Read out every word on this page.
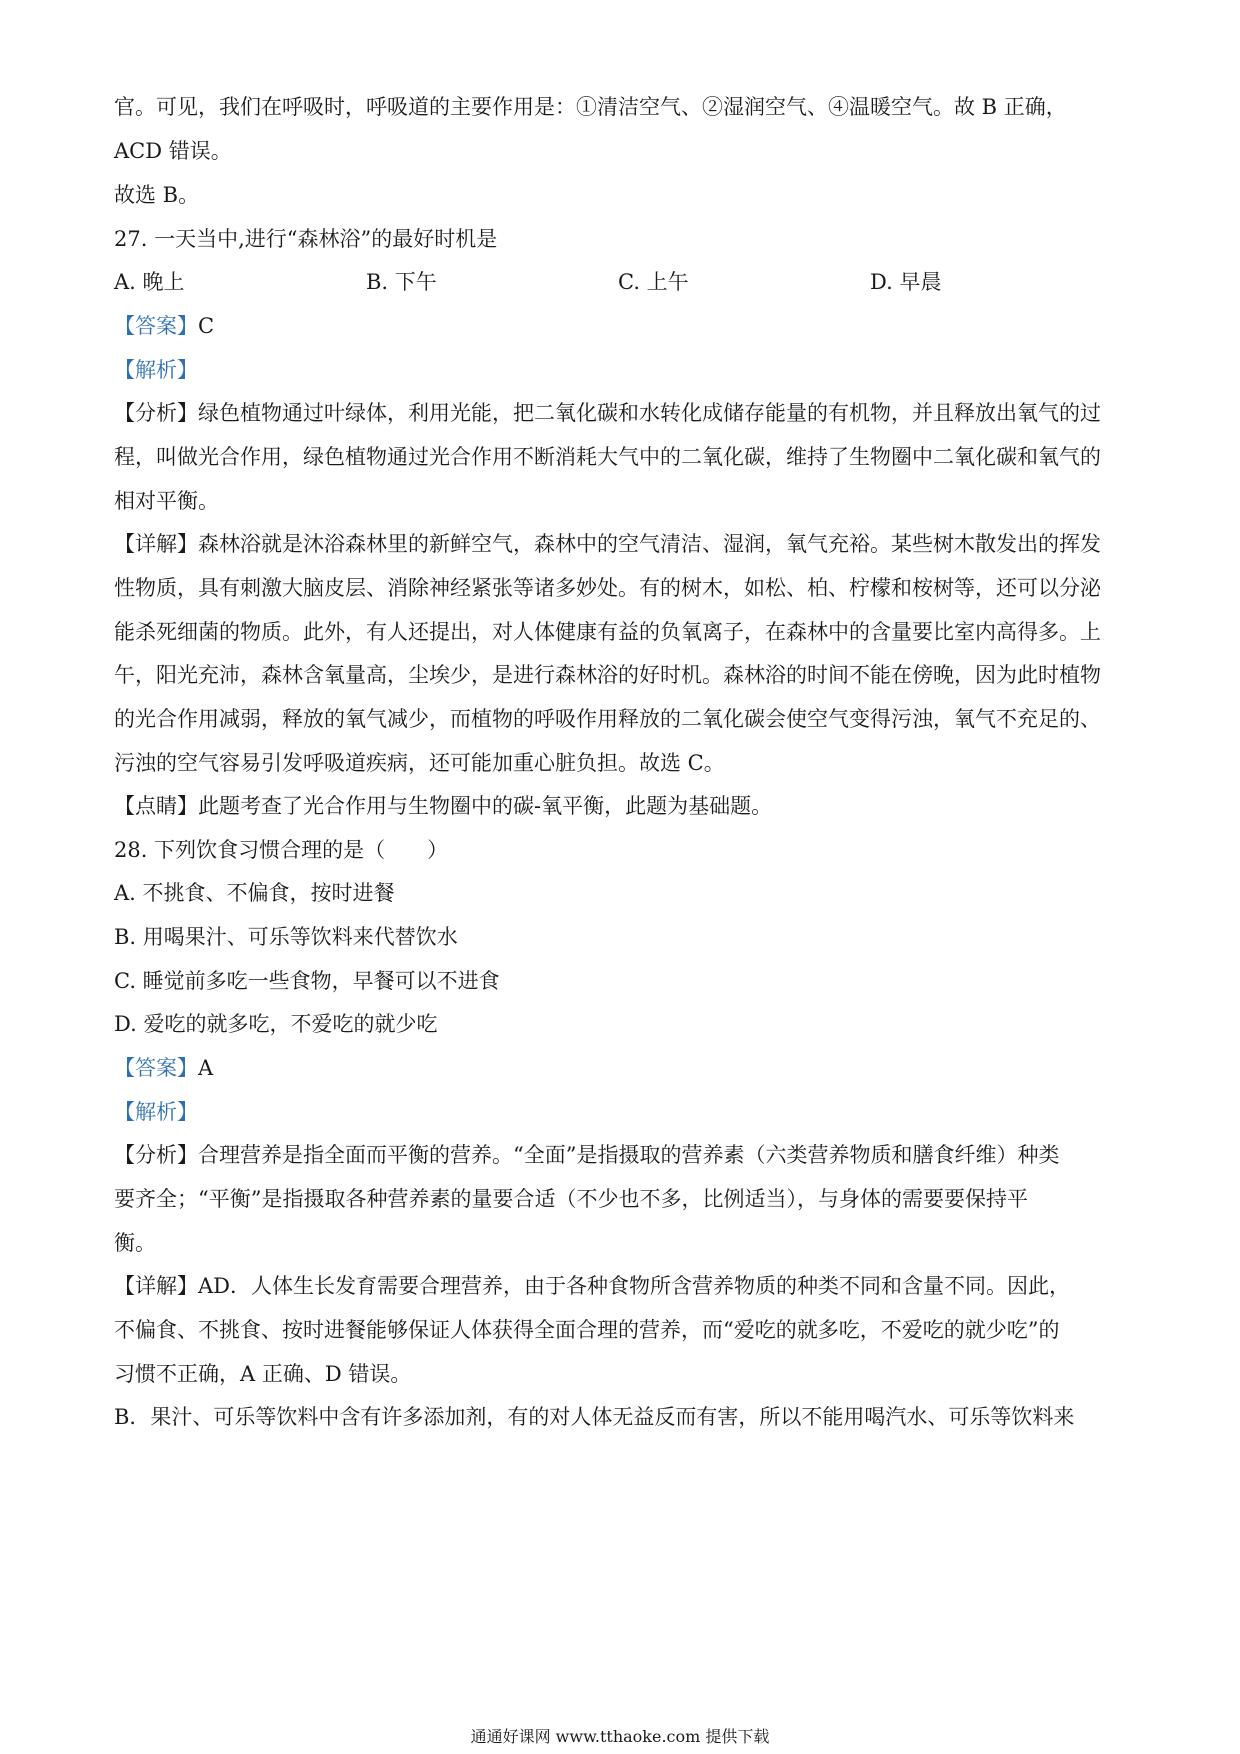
官。可见，我们在呼吸时，呼吸道的主要作用是：①清洁空气、②湿润空气、④温暖空气。故 B 正确，
ACD 错误。
故选 B。
27. 一天当中,进行“森林浴”的最好时机是
A. 晚上	B. 下午	C. 上午	D. 早晨
【答案】C
【解析】
【分析】绿色植物通过叶绿体，利用光能，把二氧化碳和水转化成储存能量的有机物，并且释放出氧气的过
程，叫做光合作用，绿色植物通过光合作用不断消耗大气中的二氧化碳，维持了生物圈中二氧化碳和氧气的
相对平衡。
【详解】森林浴就是沐浴森林里的新鲜空气，森林中的空气清洁、湿润，氧气充裕。某些树木散发出的挥发
性物质，具有刺激大脑皮层、消除神经紧张等诸多妙处。有的树木，如松、柏、柠檬和桉树等，还可以分泌
能杀死细菌的物质。此外，有人还提出，对人体健康有益的负氧离子，在森林中的含量要比室内高得多。上
午，阳光充沛，森林含氧量高，尘埃少，是进行森林浴的好时机。森林浴的时间不能在傍晚，因为此时植物
的光合作用减弱，释放的氧气减少，而植物的呼吸作用释放的二氧化碳会使空气变得污浊，氧气不充足的、
污浊的空气容易引发呼吸道疾病，还可能加重心脏负担。故选 C。
【点睛】此题考查了光合作用与生物圈中的碳-氧平衡，此题为基础题。
28. 下列饮食习惯合理的是（　　）
A. 不挑食、不偏食，按时进餐
B. 用喝果汁、可乐等饮料来代替饮水
C. 睡觉前多吃一些食物，早餐可以不进食
D. 爱吃的就多吃，不爱吃的就少吃
【答案】A
【解析】
【分析】合理营养是指全面而平衡的营养。“全面”是指摄取的营养素（六类营养物质和膳食纤维）种类
要齐全；“平衡”是指摄取各种营养素的量要合适（不少也不多，比例适当），与身体的需要要保持平
衡。
【详解】AD．人体生长发育需要合理营养，由于各种食物所含营养物质的种类不同和含量不同。因此，
不偏食、不挑食、按时进餐能够保证人体获得全面合理的营养，而“爱吃的就多吃，不爱吃的就少吃”的
习惯不正确，A 正确、D 错误。
B．果汁、可乐等饮料中含有许多添加剂，有的对人体无益反而有害，所以不能用喝汽水、可乐等饮料来
通通好课网 www.tthaoke.com 提供下载
